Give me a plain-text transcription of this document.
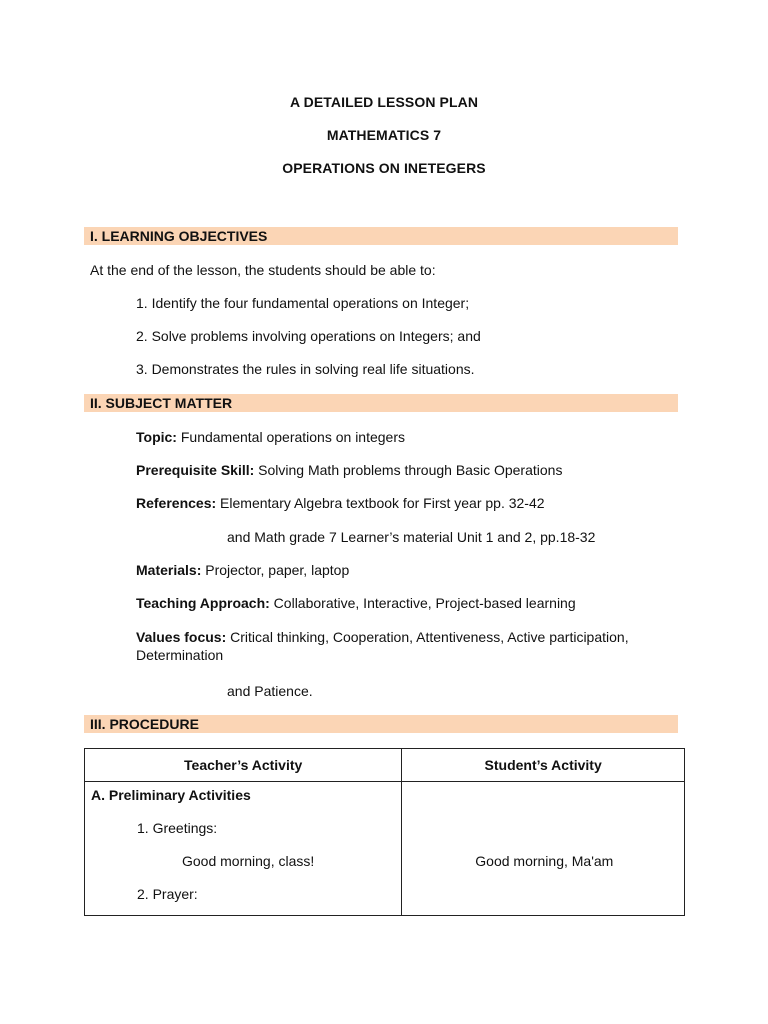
A DETAILED LESSON PLAN
MATHEMATICS 7
OPERATIONS ON INETEGERS
I. LEARNING OBJECTIVES
At the end of the lesson, the students should be able to:
1. Identify the four fundamental operations on Integer;
2. Solve problems involving operations on Integers; and
3. Demonstrates the rules in solving real life situations.
II. SUBJECT MATTER
Topic: Fundamental operations on integers
Prerequisite Skill: Solving Math problems through Basic Operations
References: Elementary Algebra textbook for First year pp. 32-42
and Math grade 7 Learner’s material Unit 1 and 2, pp.18-32
Materials: Projector, paper, laptop
Teaching Approach: Collaborative, Interactive, Project-based learning
Values focus: Critical thinking, Cooperation, Attentiveness, Active participation, Determination
and Patience.
III. PROCEDURE
Teacher’s Activity	Student’s Activity

A. Preliminary Activities
1. Greetings:
Good morning, class!
2. Prayer:	Good morning, Ma'am
